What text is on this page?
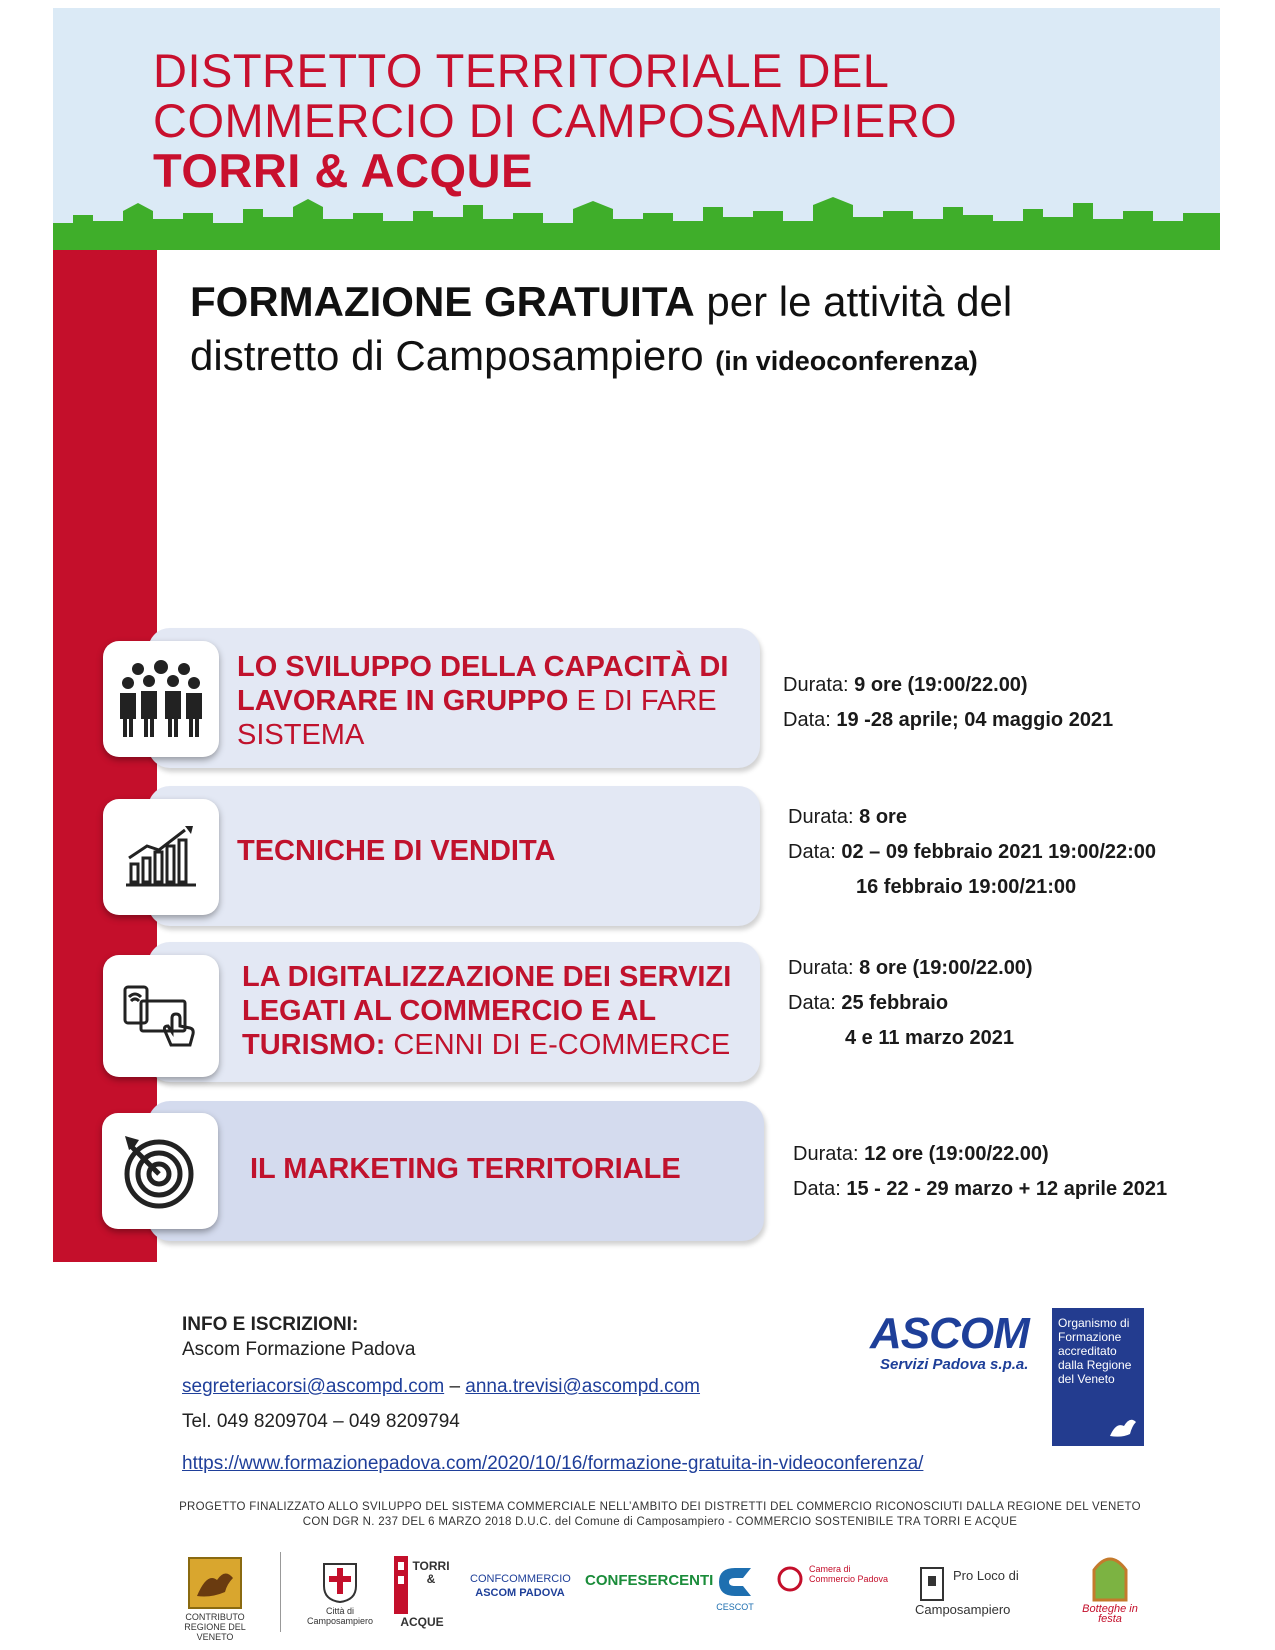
DISTRETTO TERRITORIALE DEL
COMMERCIO DI CAMPOSAMPIERO
TORRI & ACQUE
FORMAZIONE GRATUITA per le attività del
distretto di Camposampiero (in videoconferenza)
LO SVILUPPO DELLA CAPACITÀ DI
LAVORARE IN GRUPPO E DI FARE SISTEMA
Durata: 9 ore (19:00/22.00)
Data: 19 -28 aprile; 04 maggio 2021
TECNICHE DI VENDITA
Durata: 8 ore
Data: 02 – 09 febbraio 2021 19:00/22:00
16 febbraio 19:00/21:00
LA DIGITALIZZAZIONE DEI SERVIZI
LEGATI AL COMMERCIO E AL
TURISMO: CENNI DI E-COMMERCE
Durata: 8 ore (19:00/22.00)
Data: 25 febbraio
4 e 11 marzo 2021
IL MARKETING TERRITORIALE	Durata: 12 ore (19:00/22.00)
Data: 15 - 22 - 29 marzo + 12 aprile 2021
INFO E ISCRIZIONI:
Ascom Formazione Padova
segreteriacorsi@ascompd.com – anna.trevisi@ascompd.com
Tel. 049 8209704 – 049 8209794
https://www.formazionepadova.com/2020/10/16/formazione-gratuita-in-videoconferenza/
ASCOM
Servizi Padova s.p.a.
Organismo di Formazione accreditato dalla Regione del Veneto
PROGETTO FINALIZZATO ALLO SVILUPPO DEL SISTEMA COMMERCIALE NELL’AMBITO DEI DISTRETTI DEL COMMERCIO RICONOSCIUTI DALLA REGIONE DEL VENETO
CON DGR N. 237 DEL 6 MARZO 2018 D.U.C. del Comune di Camposampiero - COMMERCIO SOSTENIBILE TRA TORRI E ACQUE
CONTRIBUTO REGIONE DEL VENETO
Città di Camposampiero
TORRI & ACQUE
CONFCOMMERCIO
ASCOM PADOVA
CONFESERCENTI
CESCOT
Camera di Commercio Padova	Pro Loco di Camposampiero	Botteghe in festa
